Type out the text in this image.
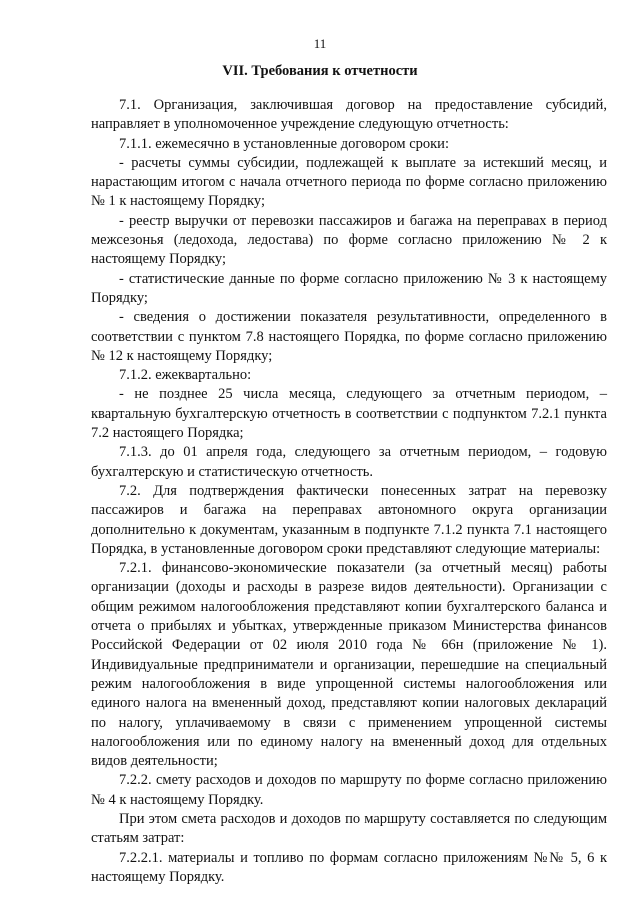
11
VII. Требования к отчетности

7.1. Организация, заключившая договор на предоставление субсидий, направляет в уполномоченное учреждение следующую отчетность:

7.1.1. ежемесячно в установленные договором сроки:

- расчеты суммы субсидии, подлежащей к выплате за истекший месяц, и нарастающим итогом с начала отчетного периода по форме согласно приложению № 1 к настоящему Порядку;

- реестр выручки от перевозки пассажиров и багажа на переправах в период межсезонья (ледохода, ледостава) по форме согласно приложению № 2 к настоящему Порядку;

- статистические данные по форме согласно приложению № 3 к настоящему Порядку;

- сведения о достижении показателя результативности, определенного в соответствии с пунктом 7.8 настоящего Порядка, по форме согласно приложению № 12 к настоящему Порядку;

7.1.2. ежеквартально:

- не позднее 25 числа месяца, следующего за отчетным периодом, – квартальную бухгалтерскую отчетность в соответствии с подпунктом 7.2.1 пункта 7.2 настоящего Порядка;

7.1.3. до 01 апреля года, следующего за отчетным периодом, – годовую бухгалтерскую и статистическую отчетность.

7.2. Для подтверждения фактически понесенных затрат на перевозку пассажиров и багажа на переправах автономного округа организации дополнительно к документам, указанным в подпункте 7.1.2 пункта 7.1 настоящего Порядка, в установленные договором сроки представляют следующие материалы:

7.2.1. финансово-экономические показатели (за отчетный месяц) работы организации (доходы и расходы в разрезе видов деятельности). Организации с общим режимом налогообложения представляют копии бухгалтерского баланса и отчета о прибылях и убытках, утвержденные приказом Министерства финансов Российской Федерации от 02 июля 2010 года № 66н (приложение № 1). Индивидуальные предприниматели и организации, перешедшие на специальный режим налогообложения в виде упрощенной системы налогообложения или единого налога на вмененный доход, представляют копии налоговых деклараций по налогу, уплачиваемому в связи с применением упрощенной системы налогообложения или по единому налогу на вмененный доход для отдельных видов деятельности;

7.2.2. смету расходов и доходов по маршруту по форме согласно приложению № 4 к настоящему Порядку.

При этом смета расходов и доходов по маршруту составляется по следующим статьям затрат:

7.2.2.1. материалы и топливо по формам согласно приложениям №№ 5, 6 к настоящему Порядку.
